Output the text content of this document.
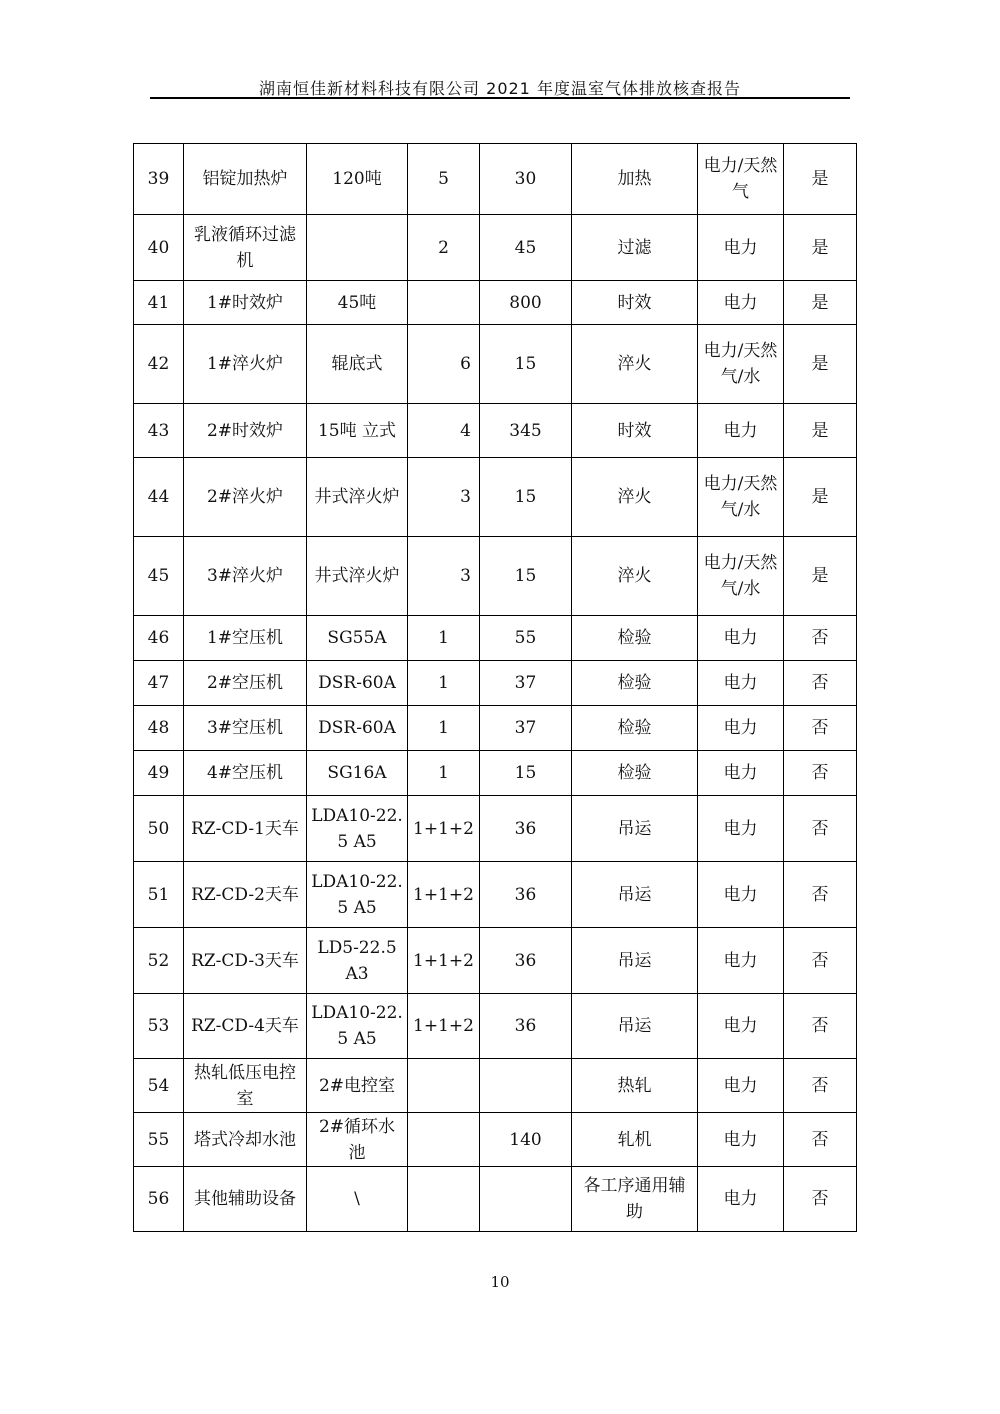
湖南恒佳新材料科技有限公司 2021 年度温室气体排放核查报告
39	铝锭加热炉	120吨	5	30	加热	电力/天然气	是
40	乳液循环过滤机		2	45	过滤	电力	是
41	1#时效炉	45吨		800	时效	电力	是
42	1#淬火炉	辊底式	6	15	淬火	电力/天然气/水	是
43	2#时效炉	15吨 立式	4	345	时效	电力	是
44	2#淬火炉	井式淬火炉	3	15	淬火	电力/天然气/水	是
45	3#淬火炉	井式淬火炉	3	15	淬火	电力/天然气/水	是
46	1#空压机	SG55A	1	55	检验	电力	否
47	2#空压机	DSR-60A	1	37	检验	电力	否
48	3#空压机	DSR-60A	1	37	检验	电力	否
49	4#空压机	SG16A	1	15	检验	电力	否
50	RZ-CD-1天车	LDA10-22.5 A5	1+1+2	36	吊运	电力	否
51	RZ-CD-2天车	LDA10-22.5 A5	1+1+2	36	吊运	电力	否
52	RZ-CD-3天车	LD5-22.5 A3	1+1+2	36	吊运	电力	否
53	RZ-CD-4天车	LDA10-22.5 A5	1+1+2	36	吊运	电力	否
54	热轧低压电控室	2#电控室			热轧	电力	否
55	塔式冷却水池	2#循环水池		140	轧机	电力	否
56	其他辅助设备	\			各工序通用辅助	电力	否
10
